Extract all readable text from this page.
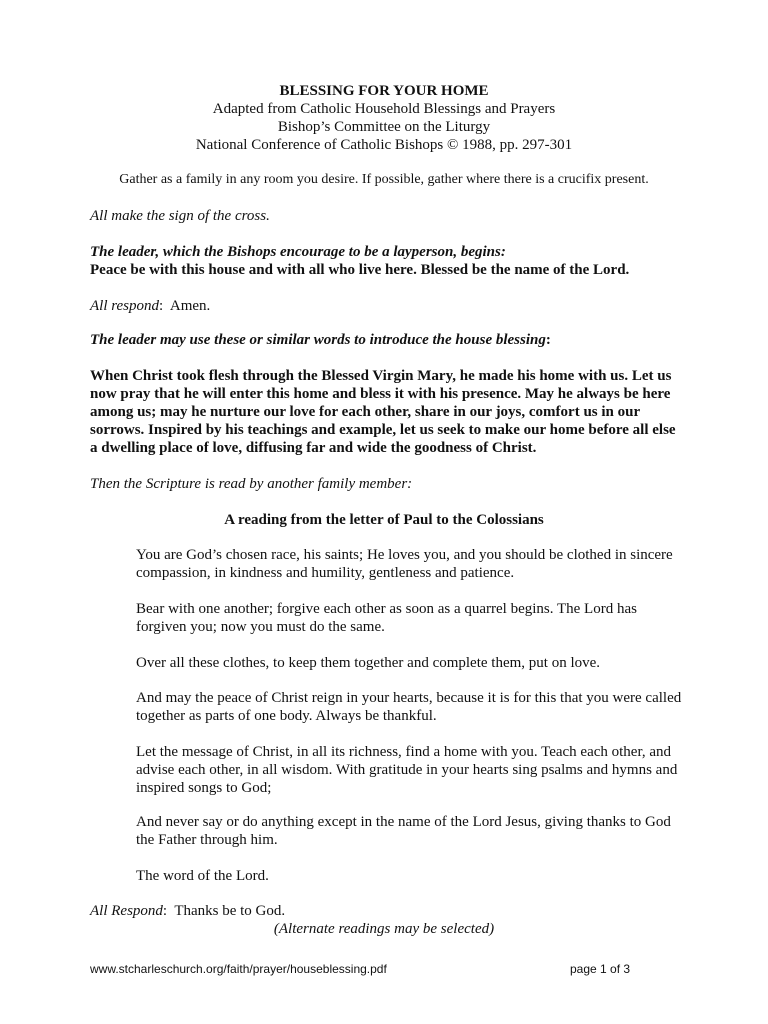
BLESSING FOR YOUR HOME
Adapted from Catholic Household Blessings and Prayers
Bishop’s Committee on the Liturgy
National Conference of Catholic Bishops © 1988, pp. 297-301
Gather as a family in any room you desire. If possible, gather where there is a crucifix present.
All make the sign of the cross.
The leader, which the Bishops encourage to be a layperson, begins:
Peace be with this house and with all who live here. Blessed be the name of the Lord.
All respond:  Amen.
The leader may use these or similar words to introduce the house blessing:
When Christ took flesh through the Blessed Virgin Mary, he made his home with us. Let us
now pray that he will enter this home and bless it with his presence. May he always be here
among us; may he nurture our love for each other, share in our joys, comfort us in our
sorrows. Inspired by his teachings and example, let us seek to make our home before all else
a dwelling place of love, diffusing far and wide the goodness of Christ.
Then the Scripture is read by another family member:
A reading from the letter of Paul to the Colossians
You are God’s chosen race, his saints; He loves you, and you should be clothed in sincere
compassion, in kindness and humility, gentleness and patience.
Bear with one another; forgive each other as soon as a quarrel begins. The Lord has
forgiven you; now you must do the same.
Over all these clothes, to keep them together and complete them, put on love.
And may the peace of Christ reign in your hearts, because it is for this that you were called
together as parts of one body. Always be thankful.
Let the message of Christ, in all its richness, find a home with you. Teach each other, and
advise each other, in all wisdom. With gratitude in your hearts sing psalms and hymns and
inspired songs to God;
And never say or do anything except in the name of the Lord Jesus, giving thanks to God
the Father through him.
The word of the Lord.
All Respond:  Thanks be to God.
(Alternate readings may be selected)
www.stcharleschurch.org/faith/prayer/houseblessing.pdf	page 1 of 3
